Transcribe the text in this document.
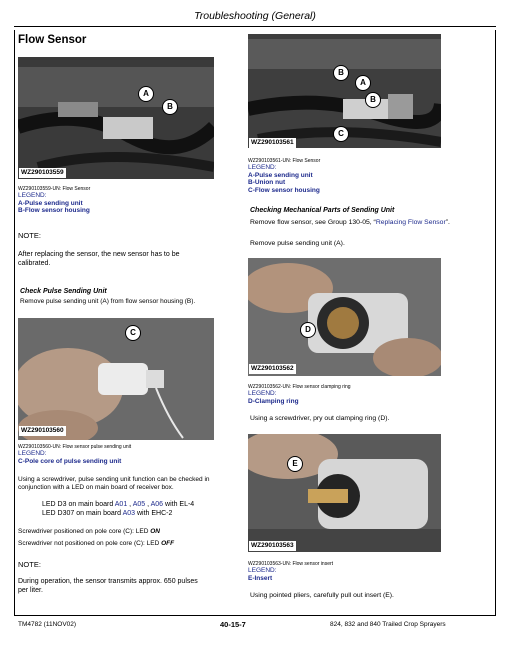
Troubleshooting (General)
Flow Sensor
A
B
WZ290103559
WZ290103559-UN: Flow Sensor
LEGEND:
A-Pulse sending unit
B-Flow sensor housing
NOTE:
After replacing the sensor, the new sensor has to be
calibrated.
Check Pulse Sending Unit
Remove pulse sending unit (A) from flow sensor housing (B).
C
WZ290103560
WZ290103560-UN: Flow sensor pulse sending unit
LEGEND:
C-Pole core of pulse sending unit
Using a screwdriver, pulse sending unit function can be checked in
conjunction with a LED on main board of receiver box.
LED D3 on main board A01 , A05 , A06 with EL-4
LED D307 on main board A03 with EHC-2
Screwdriver positioned on pole core (C): LED ON
Screwdriver not positioned on pole core (C): LED OFF
NOTE:
During operation, the sensor transmits approx. 650 pulses
per liter.
B
A
B
C
WZ290103561
WZ290103561-UN: Flow Sensor
LEGEND:
A-Pulse sending unit
B-Union nut
C-Flow sensor housing
Checking Mechanical Parts of Sending Unit
Remove flow sensor, see Group 130-05, “Replacing Flow Sensor”.
Remove pulse sending unit (A).
D
WZ290103562
WZ290103562-UN: Flow sensor clamping ring
LEGEND:
D-Clamping ring
Using a screwdriver, pry out clamping ring (D).
E
WZ290103563
WZ290103563-UN: Flow sensor insert
LEGEND:
E-Insert
Using pointed pliers, carefully pull out insert (E).
TM4782 (11NOV02)	40-15-7	824, 832 and 840 Trailed Crop Sprayers
